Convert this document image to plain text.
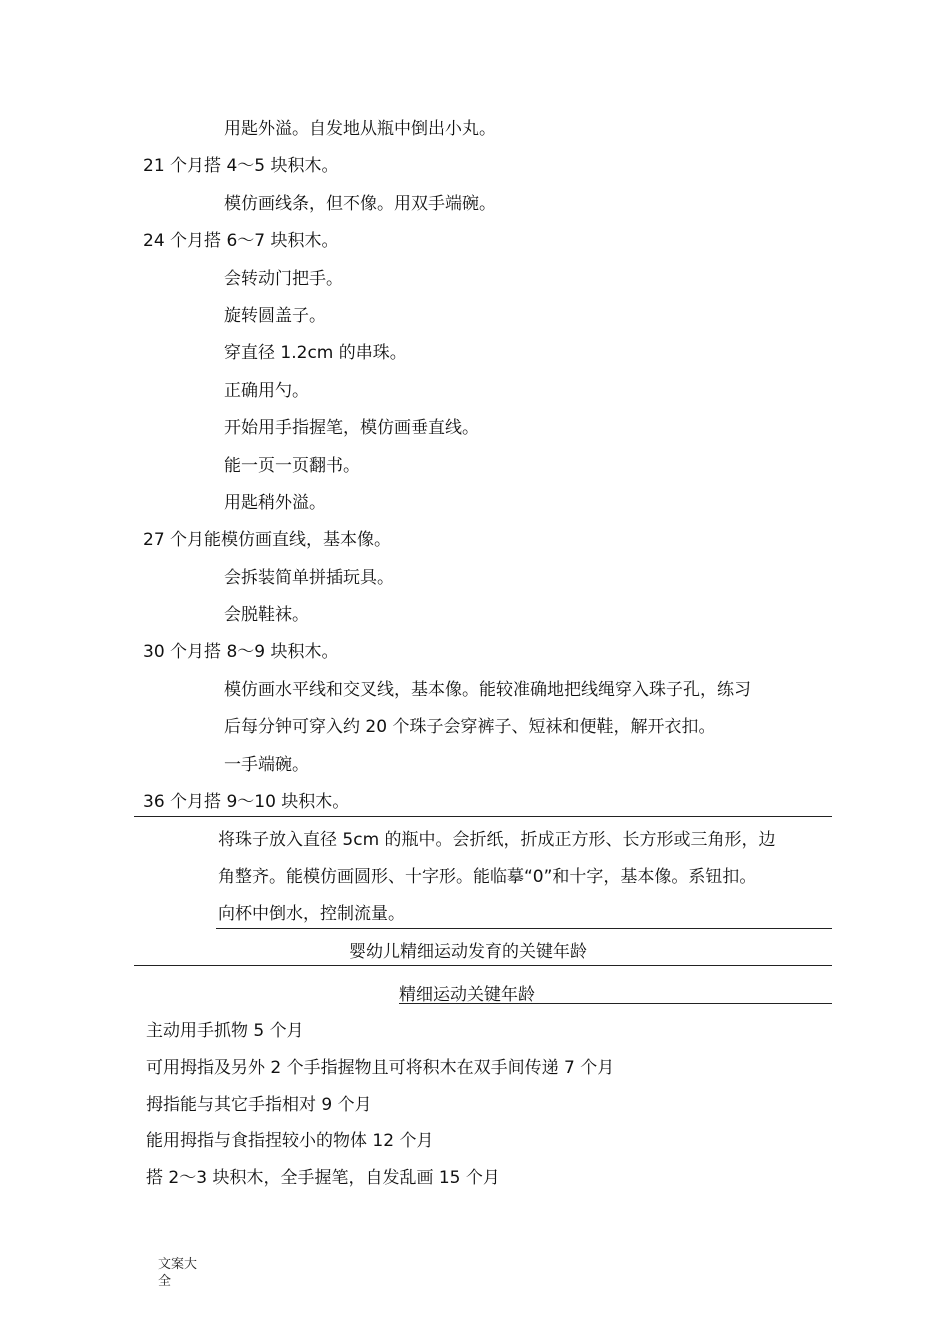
用匙外溢。自发地从瓶中倒出小丸。
21 个月搭 4～5 块积木。
模仿画线条，但不像。用双手端碗。
24 个月搭 6～7 块积木。
会转动门把手。
旋转圆盖子。
穿直径 1.2cm 的串珠。
正确用勺。
开始用手指握笔，模仿画垂直线。
能一页一页翻书。
用匙稍外溢。
27 个月能模仿画直线，基本像。
会拆装简单拼插玩具。
会脱鞋袜。
30 个月搭 8～9 块积木。
模仿画水平线和交叉线，基本像。能较准确地把线绳穿入珠子孔，练习
后每分钟可穿入约 20 个珠子会穿裤子、短袜和便鞋，解开衣扣。
一手端碗。
36 个月搭 9～10 块积木。
将珠子放入直径 5cm 的瓶中。会折纸，折成正方形、长方形或三角形，边
角整齐。能模仿画圆形、十字形。能临摹“0”和十字，基本像。系钮扣。
向杯中倒水，控制流量。
婴幼儿精细运动发育的关键年龄
精细运动关键年龄
主动用手抓物 5 个月
可用拇指及另外 2 个手指握物且可将积木在双手间传递 7 个月
拇指能与其它手指相对 9 个月
能用拇指与食指捏较小的物体 12 个月
搭 2～3 块积木，全手握笔，自发乱画 15 个月
文案大
全
